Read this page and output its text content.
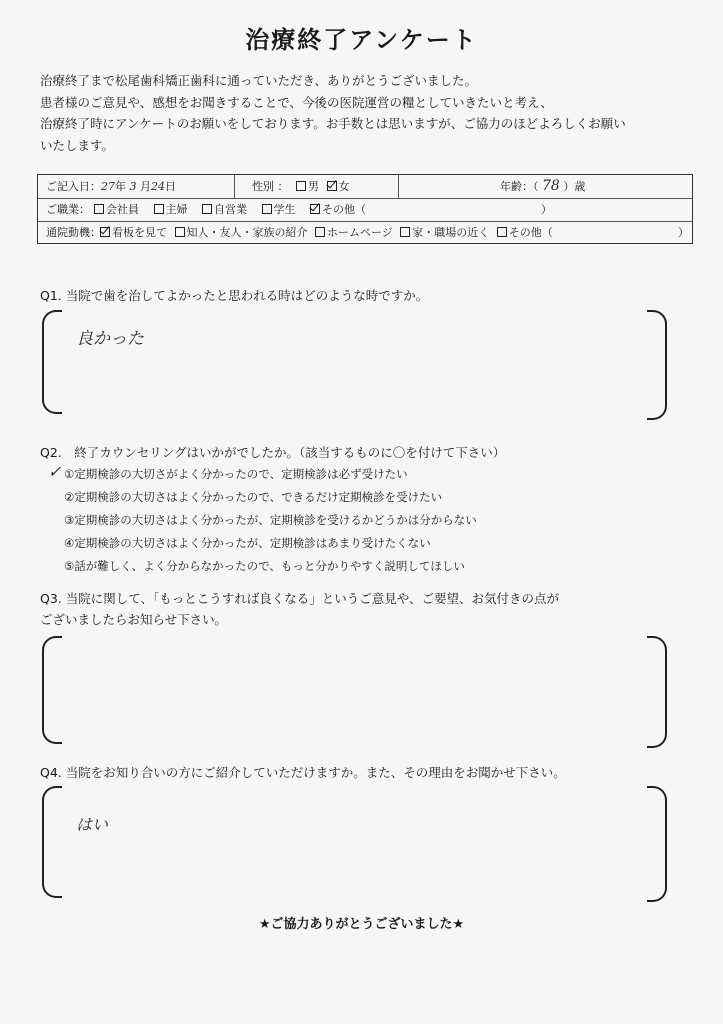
治療終了アンケート
治療終了まで松尾歯科矯正歯科に通っていただき、ありがとうございました。
患者様のご意見や、感想をお聞きすることで、今後の医院運営の糧としていきたいと考え、
治療終了時にアンケートのお願いをしております。お手数とは思いますが、ご協力のほどよろしくお願い
いたします。
ご記入日：27年 3 月24日	性別 ： 男 女	年齢：（ 78 ）歳
ご職業：	会社員 主婦 自営業 学生 その他（	）
通院動機：	看板を見て 知人・友人・家族の紹介 ホームページ 家・職場の近く その他（	）
Q1. 当院で歯を治してよかったと思われる時はどのような時ですか。
良かった
Q2.　終了カウンセリングはいかがでしたか。（該当するものに〇を付けて下さい）
✓ ①定期検診の大切さがよく分かったので、定期検診は必ず受けたい
②定期検診の大切さはよく分かったので、できるだけ定期検診を受けたい
③定期検診の大切さはよく分かったが、定期検診を受けるかどうかは分からない
④定期検診の大切さはよく分かったが、定期検診はあまり受けたくない
⑤話が難しく、よく分からなかったので、もっと分かりやすく説明してほしい
Q3. 当院に関して、「もっとこうすれば良くなる」というご意見や、ご要望、お気付きの点が
ございましたらお知らせ下さい。
Q4. 当院をお知り合いの方にご紹介していただけますか。また、その理由をお聞かせ下さい。
はい
★ご協力ありがとうございました★
